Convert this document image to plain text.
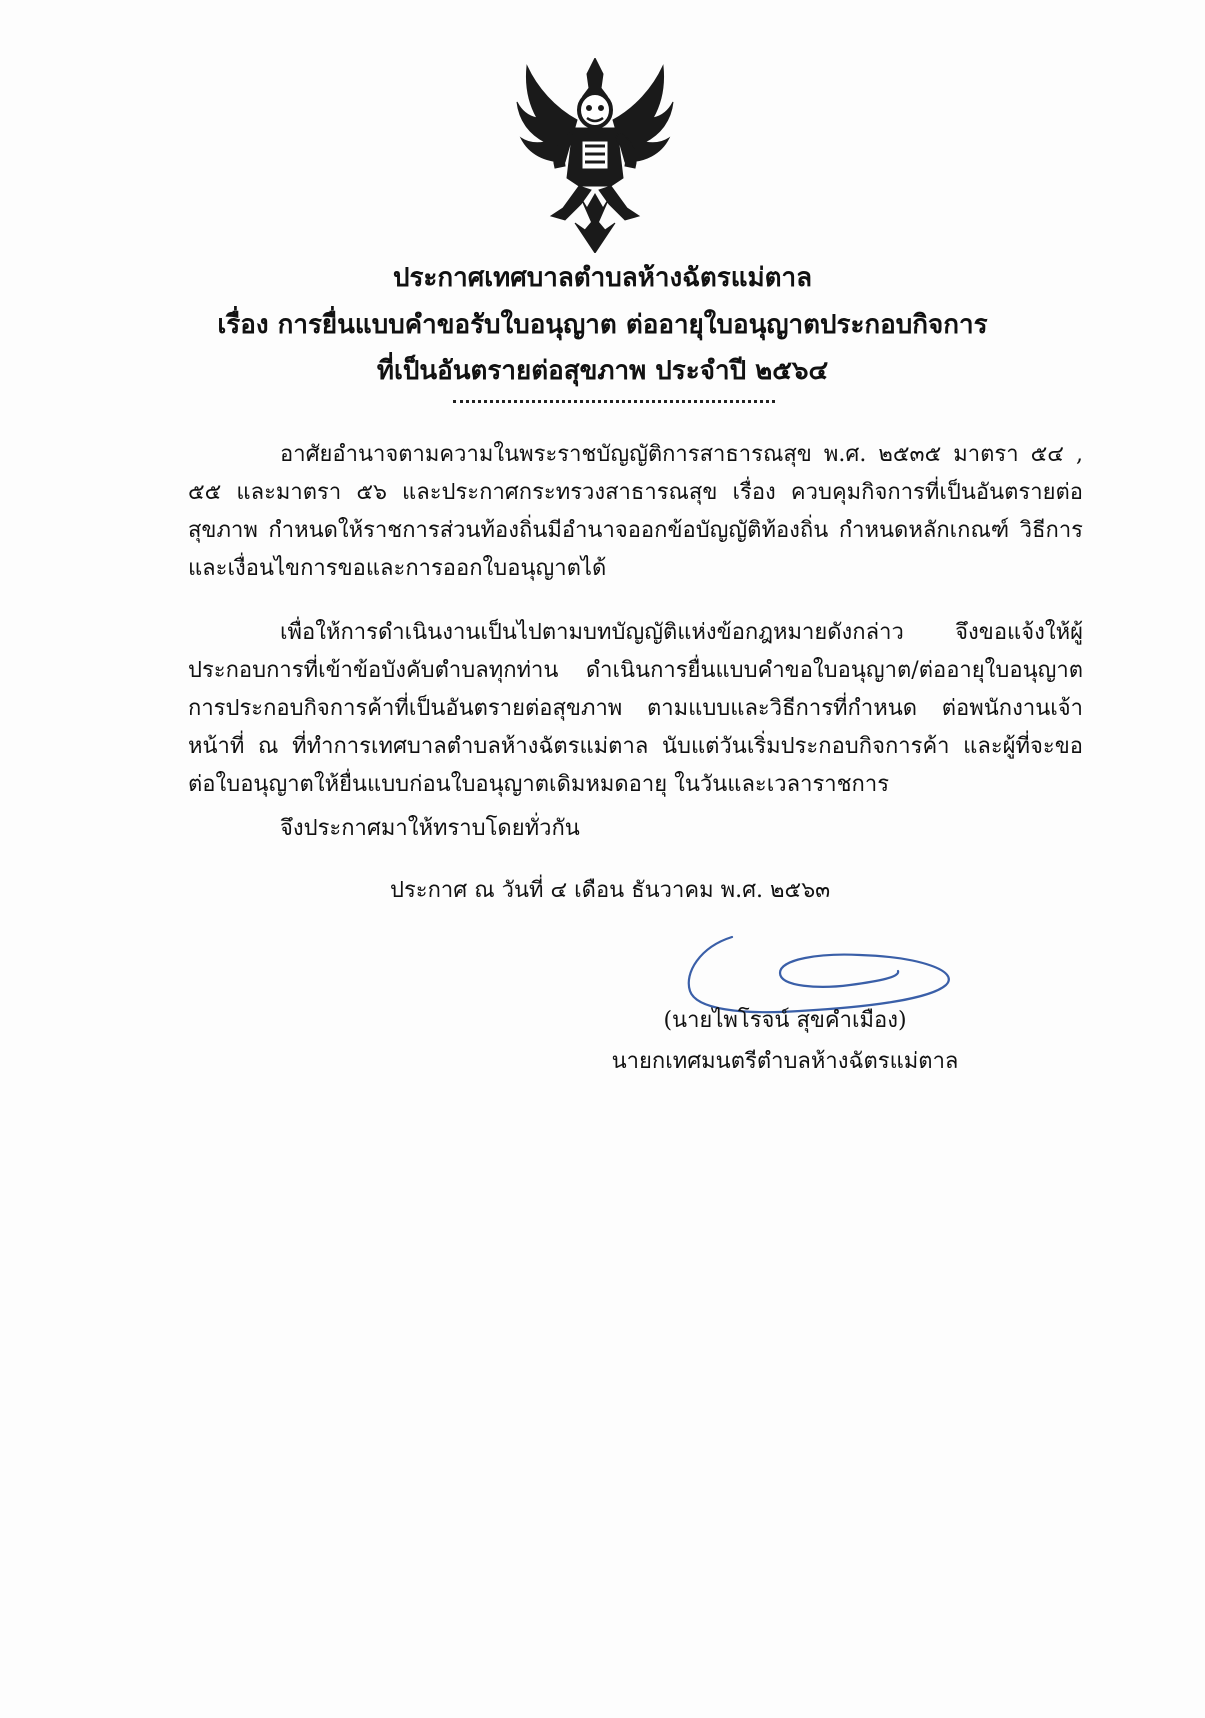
ประกาศเทศบาลตำบลห้างฉัตรแม่ตาล
เรื่อง การยื่นแบบคำขอรับใบอนุญาต ต่ออายุใบอนุญาตประกอบกิจการ
ที่เป็นอันตรายต่อสุขภาพ ประจำปี ๒๕๖๔

อาศัยอำนาจตามความในพระราชบัญญัติการสาธารณสุข พ.ศ. ๒๕๓๕ มาตรา ๕๔ , ๕๕ และมาตรา ๕๖ และประกาศกระทรวงสาธารณสุข เรื่อง ควบคุมกิจการที่เป็นอันตรายต่อสุขภาพ กำหนดให้ราชการส่วนท้องถิ่นมีอำนาจออกข้อบัญญัติท้องถิ่น กำหนดหลักเกณฑ์ วิธีการ และเงื่อนไขการขอและการออกใบอนุญาตได้

เพื่อให้การดำเนินงานเป็นไปตามบทบัญญัติแห่งข้อกฎหมายดังกล่าว จึงขอแจ้งให้ผู้ประกอบการที่เข้าข้อบังคับตำบลทุกท่าน ดำเนินการยื่นแบบคำขอใบอนุญาต/ต่ออายุใบอนุญาตการประกอบกิจการค้าที่เป็นอันตรายต่อสุขภาพ ตามแบบและวิธีการที่กำหนด ต่อพนักงานเจ้าหน้าที่ ณ ที่ทำการเทศบาลตำบลห้างฉัตรแม่ตาล นับแต่วันเริ่มประกอบกิจการค้า และผู้ที่จะขอต่อใบอนุญาตให้ยื่นแบบก่อนใบอนุญาตเดิมหมดอายุ ในวันและเวลาราชการ

จึงประกาศมาให้ทราบโดยทั่วกัน

ประกาศ ณ วันที่ ๔ เดือน ธันวาคม พ.ศ. ๒๕๖๓

(นายไพโรจน์ สุขคำเมือง)
นายกเทศมนตรีตำบลห้างฉัตรแม่ตาล
